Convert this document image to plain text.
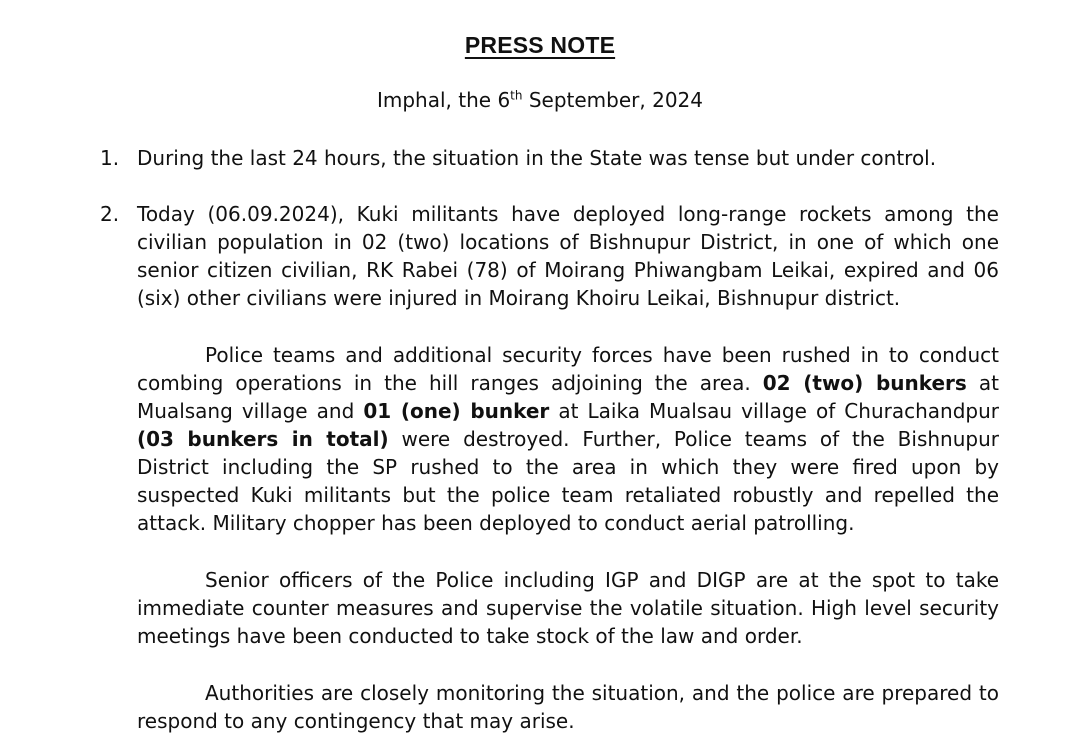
PRESS NOTE
Imphal, the 6th September, 2024
1. During the last 24 hours, the situation in the State was tense but under control.
2. Today (06.09.2024), Kuki militants have deployed long-range rockets among the civilian population in 02 (two) locations of Bishnupur District, in one of which one senior citizen civilian, RK Rabei (78) of Moirang Phiwangbam Leikai, expired and 06 (six) other civilians were injured in Moirang Khoiru Leikai, Bishnupur district.

Police teams and additional security forces have been rushed in to conduct combing operations in the hill ranges adjoining the area. 02 (two) bunkers at Mualsang village and 01 (one) bunker at Laika Mualsau village of Churachandpur (03 bunkers in total) were destroyed. Further, Police teams of the Bishnupur District including the SP rushed to the area in which they were fired upon by suspected Kuki militants but the police team retaliated robustly and repelled the attack. Military chopper has been deployed to conduct aerial patrolling.

Senior officers of the Police including IGP and DIGP are at the spot to take immediate counter measures and supervise the volatile situation. High level security meetings have been conducted to take stock of the law and order.

Authorities are closely monitoring the situation, and the police are prepared to respond to any contingency that may arise.
